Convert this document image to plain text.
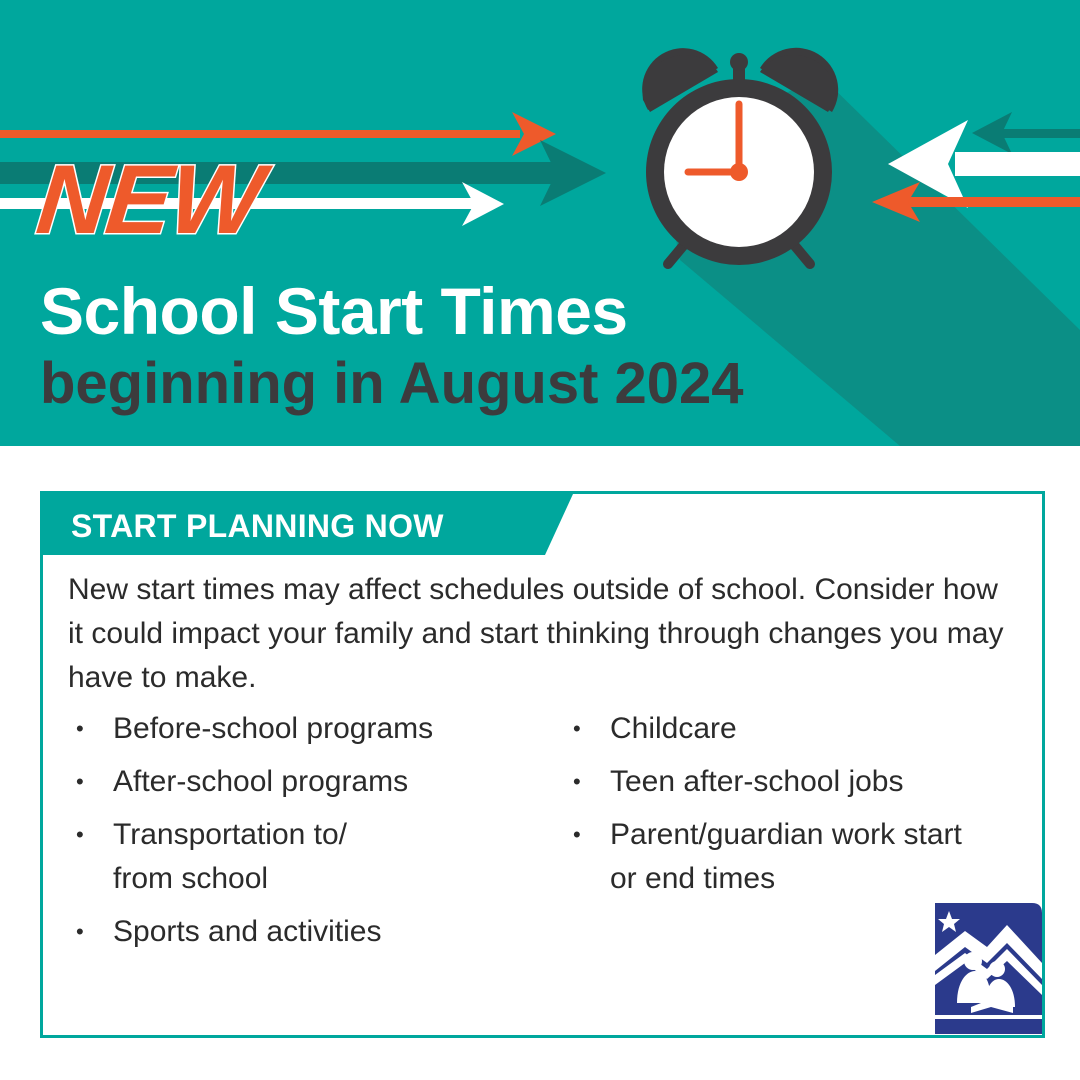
NEW
School Start Times
beginning in August 2024
START PLANNING NOW
New start times may affect schedules outside of school. Consider how it could impact your family and start thinking through changes you may have to make.
• Before-school programs
• After-school programs
• Transportation to/ from school
• Sports and activities
• Childcare
• Teen after-school jobs
• Parent/guardian work start or end times
